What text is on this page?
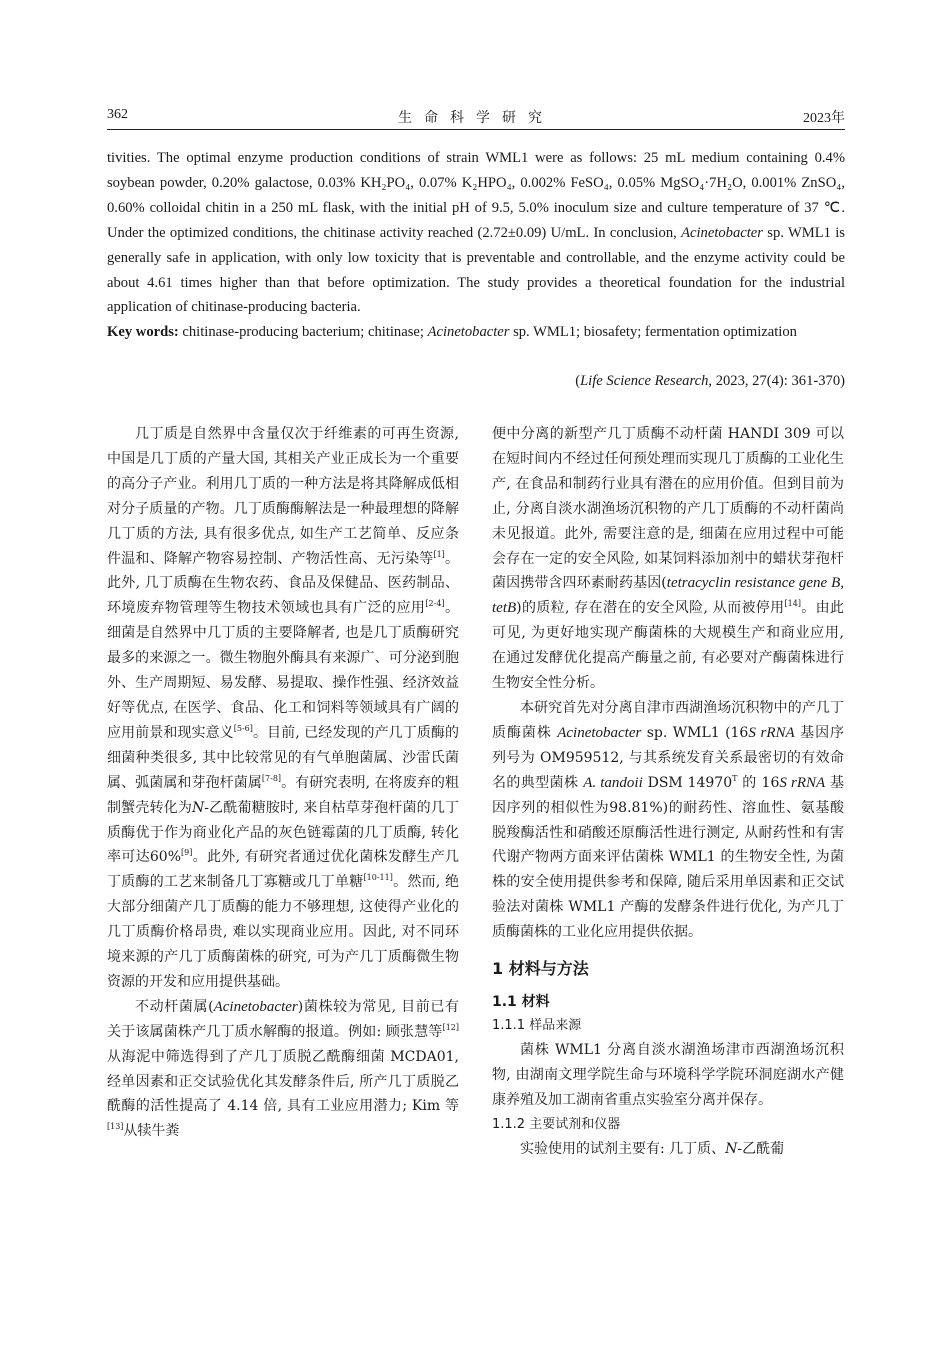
362	生命科学研究	2023年

tivities. The optimal enzyme production conditions of strain WML1 were as follows: 25 mL medium containing 0.4% soybean powder, 0.20% galactose, 0.03% KH₂PO₄, 0.07% K₂HPO₄, 0.002% FeSO₄, 0.05% MgSO₄·7H₂O, 0.001% ZnSO₄, 0.60% colloidal chitin in a 250 mL flask, with the initial pH of 9.5, 5.0% inoculum size and culture temperature of 37 ℃. Under the optimized conditions, the chitinase activity reached (2.72±0.09) U/mL. In conclusion, Acinetobacter sp. WML1 is generally safe in application, with only low toxicity that is preventable and controllable, and the enzyme activity could be about 4.61 times higher than that before optimization. The study provides a theoretical foundation for the industrial application of chitinase-producing bacteria.

Key words: chitinase-producing bacterium; chitinase; Acinetobacter sp. WML1; biosafety; fermentation optimization

(Life Science Research, 2023, 27(4): 361-370)

几丁质是自然界中含量仅次于纤维素的可再生资源, 中国是几丁质的产量大国, 其相关产业正成长为一个重要的高分子产业。利用几丁质的一种方法是将其降解成低相对分子质量的产物。几丁质酶酶解法是一种最理想的降解几丁质的方法, 具有很多优点, 如生产工艺简单、反应条件温和、降解产物容易控制、产物活性高、无污染等[1]。此外, 几丁质酶在生物农药、食品及保健品、医药制品、环境废弃物管理等生物技术领域也具有广泛的应用[2-4]。细菌是自然界中几丁质的主要降解者, 也是几丁质酶研究最多的来源之一。微生物胞外酶具有来源广、可分泌到胞外、生产周期短、易发酵、易提取、操作性强、经济效益好等优点, 在医学、食品、化工和饲料等领域具有广阔的应用前景和现实意义[5-6]。目前, 已经发现的产几丁质酶的细菌种类很多, 其中比较常见的有气单胞菌属、沙雷氏菌属、弧菌属和芽孢杆菌属[7-8]。有研究表明, 在将废弃的粗制蟹壳转化为N-乙酰葡糖胺时, 来自枯草芽孢杆菌的几丁质酶优于作为商业化产品的灰色链霉菌的几丁质酶, 转化率可达60%[9]。此外, 有研究者通过优化菌株发酵生产几丁质酶的工艺来制备几丁寡糖或几丁单糖[10-11]。然而, 绝大部分细菌产几丁质酶的能力不够理想, 这使得产业化的几丁质酶价格昂贵, 难以实现商业应用。因此, 对不同环境来源的产几丁质酶菌株的研究, 可为产几丁质酶微生物资源的开发和应用提供基础。

不动杆菌属(Acinetobacter)菌株较为常见, 目前已有关于该属菌株产几丁质水解酶的报道。例如: 顾张慧等[12]从海泥中筛选得到了产几丁质脱乙酰酶细菌 MCDA01, 经单因素和正交试验优化其发酵条件后, 所产几丁质脱乙酰酶的活性提高了 4.14 倍, 具有工业应用潜力; Kim 等[13]从犊牛粪

便中分离的新型产几丁质酶不动杆菌 HANDI 309 可以在短时间内不经过任何预处理而实现几丁质酶的工业化生产, 在食品和制药行业具有潜在的应用价值。但到目前为止, 分离自淡水湖渔场沉积物的产几丁质酶的不动杆菌尚未见报道。此外, 需要注意的是, 细菌在应用过程中可能会存在一定的安全风险, 如某饲料添加剂中的蜡状芽孢杆菌因携带含四环素耐药基因(tetracyclin resistance gene B, tetB)的质粒, 存在潜在的安全风险, 从而被停用[14]。由此可见, 为更好地实现产酶菌株的大规模生产和商业应用, 在通过发酵优化提高产酶量之前, 有必要对产酶菌株进行生物安全性分析。

本研究首先对分离自津市西湖渔场沉积物中的产几丁质酶菌株 Acinetobacter sp. WML1 (16S rRNA 基因序列号为 OM959512, 与其系统发育关系最密切的有效命名的典型菌株 A. tandoii DSM $14970^T$ 的 16S rRNA 基因序列的相似性为98.81%)的耐药性、溶血性、氨基酸脱羧酶活性和硝酸还原酶活性进行测定, 从耐药性和有害代谢产物两方面来评估菌株 WML1 的生物安全性, 为菌株的安全使用提供参考和保障, 随后采用单因素和正交试验法对菌株 WML1 产酶的发酵条件进行优化, 为产几丁质酶菌株的工业化应用提供依据。

1 材料与方法
1.1 材料
1.1.1 样品来源

菌株 WML1 分离自淡水湖渔场津市西湖渔场沉积物, 由湖南文理学院生命与环境科学学院环洞庭湖水产健康养殖及加工湖南省重点实验室分离并保存。

1.1.2 主要试剂和仪器

实验使用的试剂主要有: 几丁质、N-乙酰葡
